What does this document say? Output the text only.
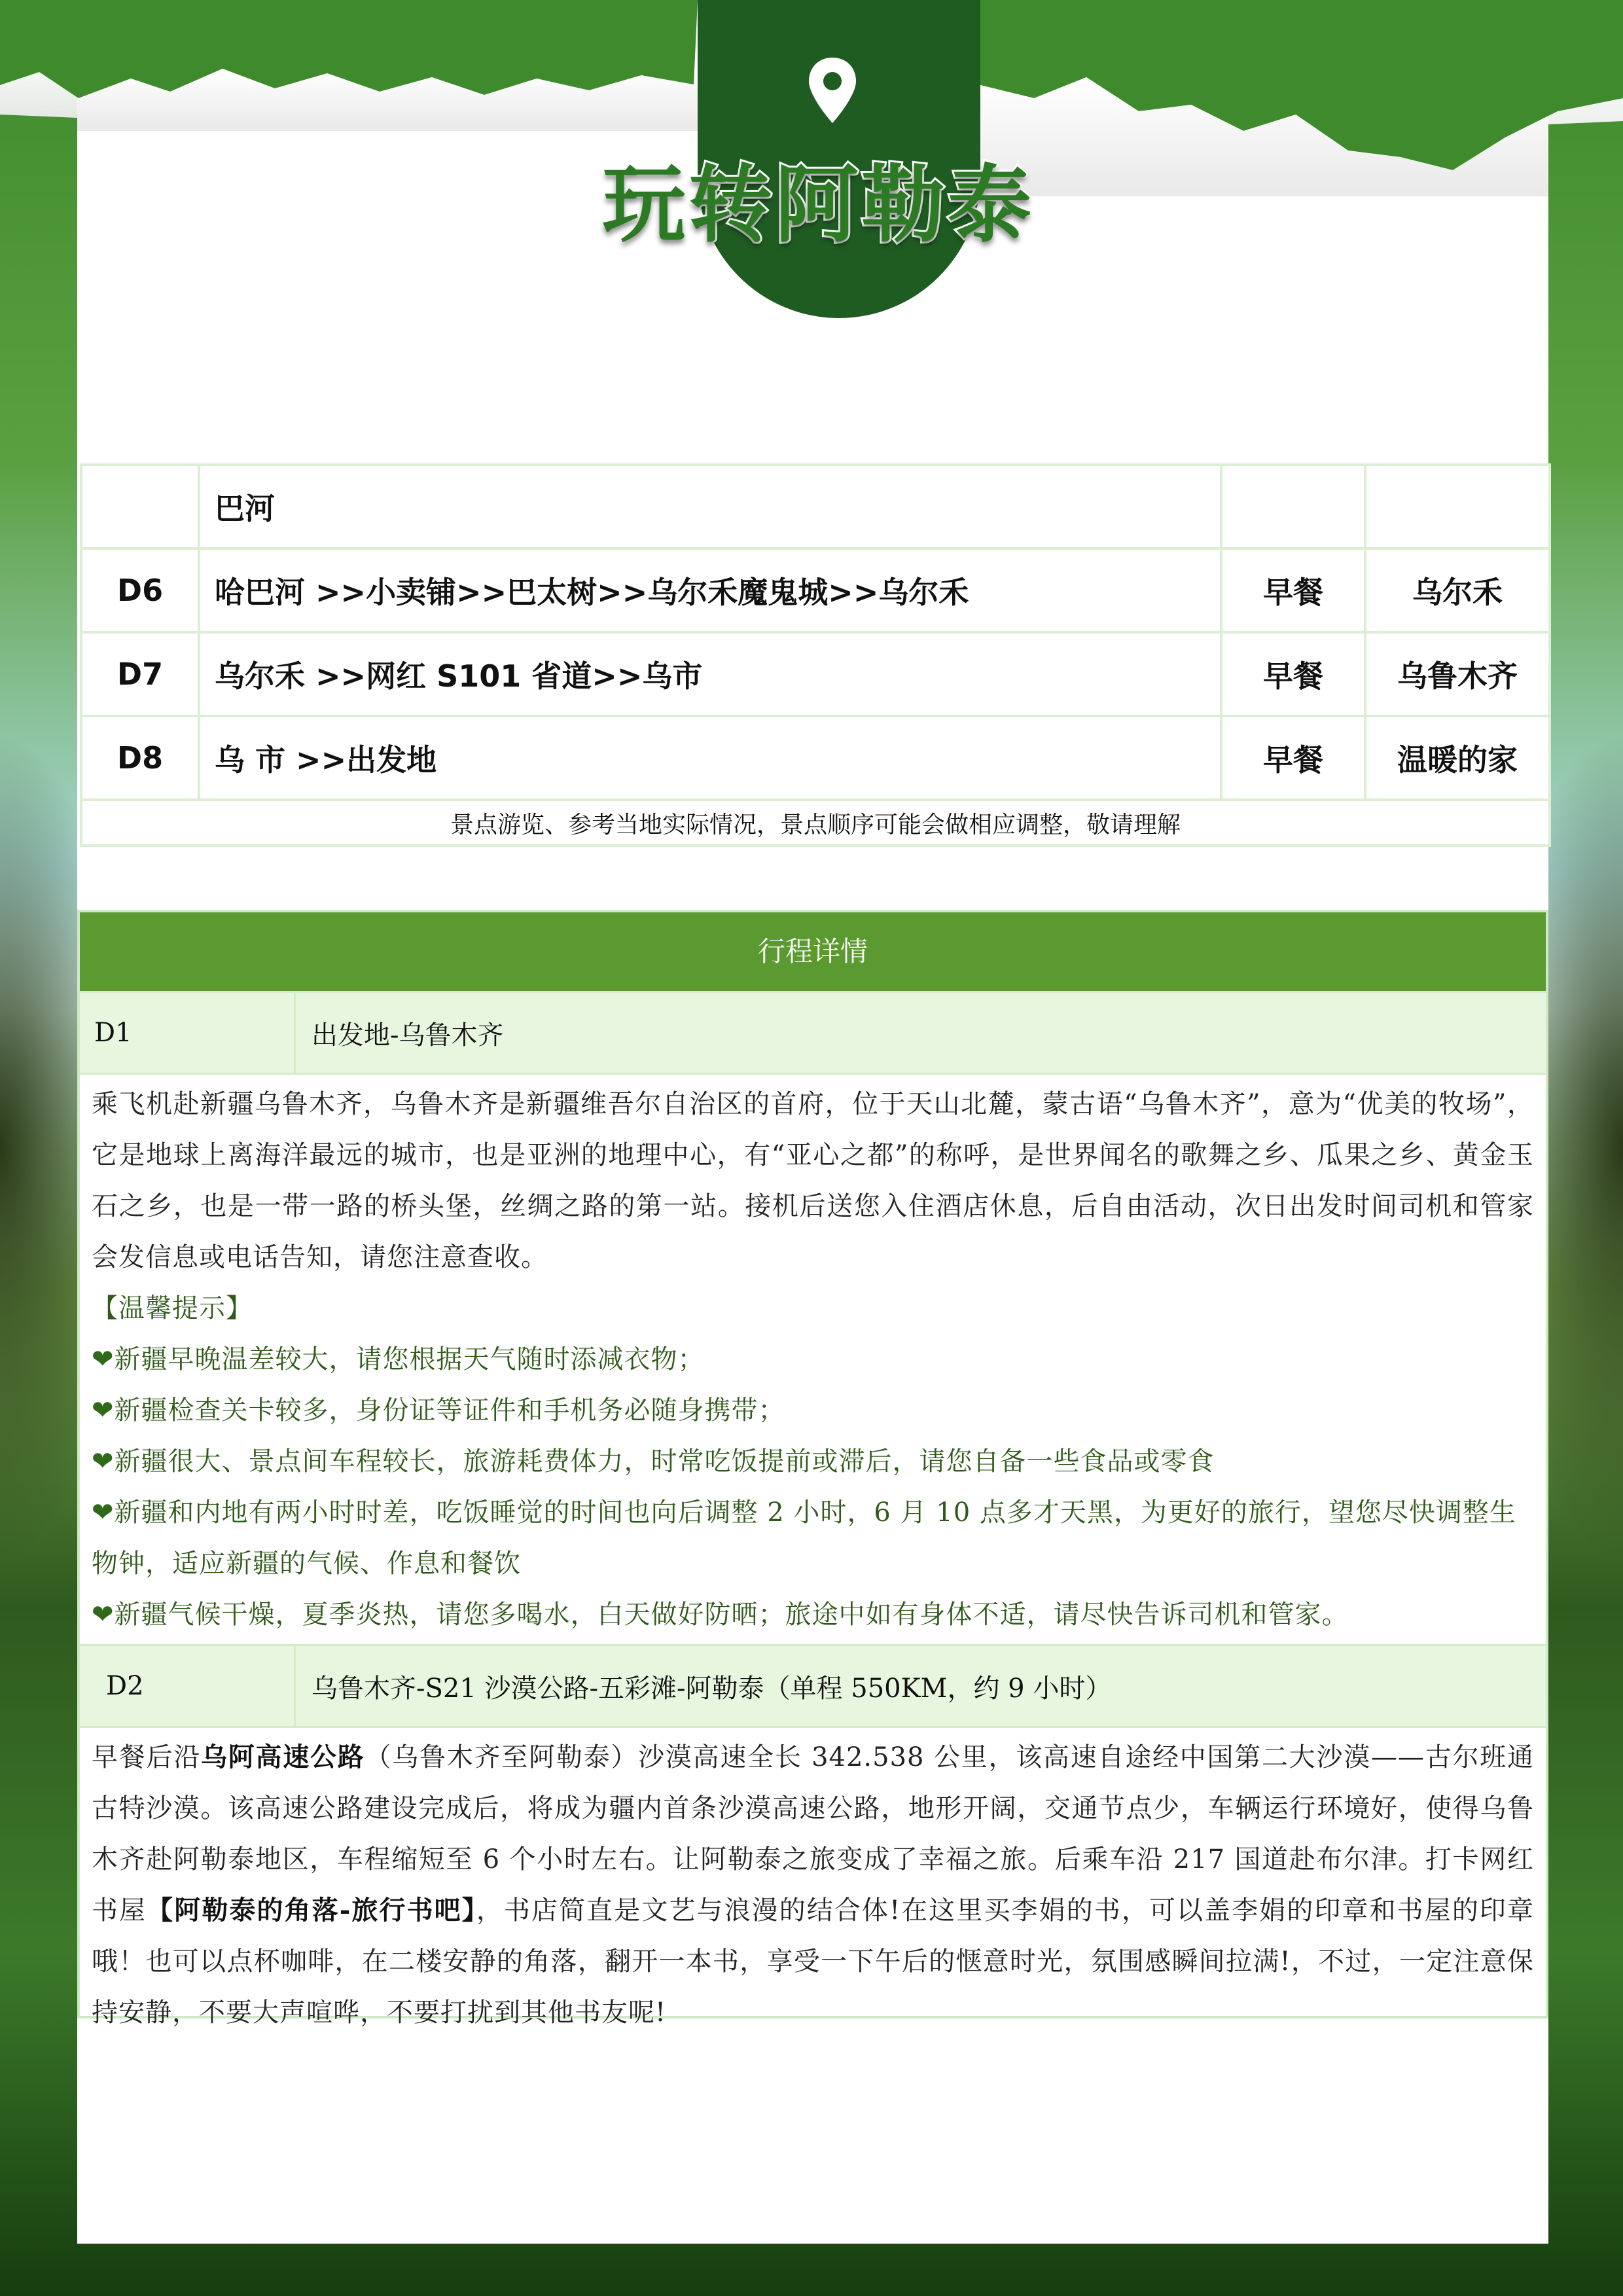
玩转阿勒泰
	巴河		
D6	哈巴河 >>小卖铺>>巴太树>>乌尔禾魔鬼城>>乌尔禾	早餐	乌尔禾
D7	乌尔禾 >>网红 S101 省道>>乌市	早餐	乌鲁木齐
D8	乌 市 >>出发地	早餐	温暖的家
景点游览、参考当地实际情况，景点顺序可能会做相应调整，敬请理解			
行程详情
D1	出发地-乌鲁木齐
乘飞机赴新疆乌鲁木齐，乌鲁木齐是新疆维吾尔自治区的首府，位于天山北麓，蒙古语“乌鲁木齐”，意为“优美的牧场”，它是地球上离海洋最远的城市，也是亚洲的地理中心，有“亚心之都”的称呼，是世界闻名的歌舞之乡、瓜果之乡、黄金玉石之乡，也是一带一路的桥头堡，丝绸之路的第一站。接机后送您入住酒店休息，后自由活动，次日出发时间司机和管家会发信息或电话告知，请您注意查收。
【温馨提示】
❤新疆早晚温差较大，请您根据天气随时添减衣物；
❤新疆检查关卡较多，身份证等证件和手机务必随身携带；
❤新疆很大、景点间车程较长，旅游耗费体力，时常吃饭提前或滞后，请您自备一些食品或零食
❤新疆和内地有两小时时差，吃饭睡觉的时间也向后调整 2 小时，6 月 10 点多才天黑，为更好的旅行，望您尽快调整生物钟，适应新疆的气候、作息和餐饮
❤新疆气候干燥，夏季炎热，请您多喝水，白天做好防晒；旅途中如有身体不适，请尽快告诉司机和管家。
D2	乌鲁木齐-S21 沙漠公路-五彩滩-阿勒泰（单程 550KM，约 9 小时）
早餐后沿乌阿高速公路（乌鲁木齐至阿勒泰）沙漠高速全长 342.538 公里，该高速自途经中国第二大沙漠——古尔班通古特沙漠。该高速公路建设完成后，将成为疆内首条沙漠高速公路，地形开阔，交通节点少，车辆运行环境好，使得乌鲁木齐赴阿勒泰地区，车程缩短至 6 个小时左右。让阿勒泰之旅变成了幸福之旅。后乘车沿 217 国道赴布尔津。打卡网红书屋【阿勒泰的角落-旅行书吧】，书店简直是文艺与浪漫的结合体!在这里买李娟的书，可以盖李娟的印章和书屋的印章哦！也可以点杯咖啡，在二楼安静的角落，翻开一本书，享受一下午后的惬意时光，氛围感瞬间拉满!，不过，一定注意保持安静，不要大声喧哗，不要打扰到其他书友呢!
